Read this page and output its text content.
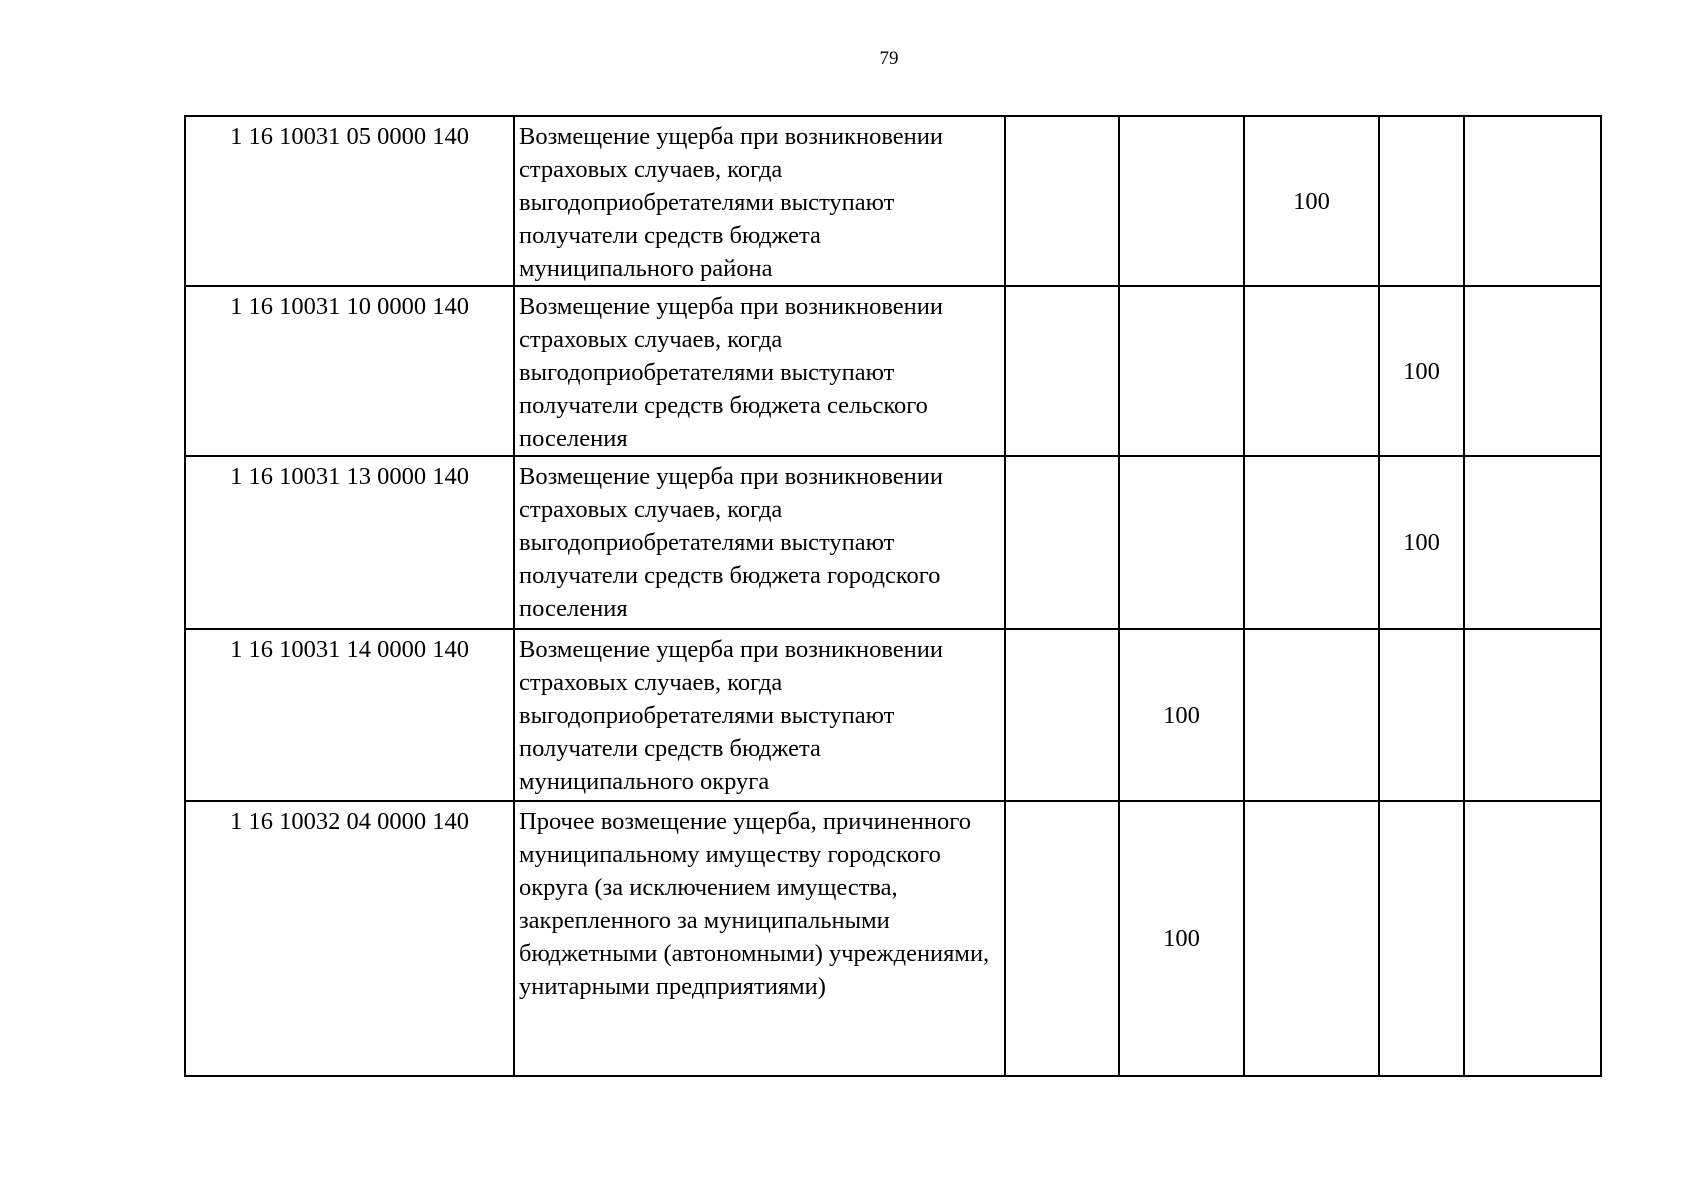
79
1 16 10031 05 0000 140	Возмещение ущерба при возникновении страховых случаев, когда выгодоприобретателями выступают получатели средств бюджета муниципального района			100		
1 16 10031 10 0000 140	Возмещение ущерба при возникновении страховых случаев, когда выгодоприобретателями выступают получатели средств бюджета сельского поселения				100	
1 16 10031 13 0000 140	Возмещение ущерба при возникновении страховых случаев, когда выгодоприобретателями выступают получатели средств бюджета городского поселения				100	
1 16 10031 14 0000 140	Возмещение ущерба при возникновении страховых случаев, когда выгодоприобретателями выступают получатели средств бюджета муниципального округа		100			
1 16 10032 04 0000 140	Прочее возмещение ущерба, причиненного муниципальному имуществу городского округа (за исключением имущества, закрепленного за муниципальными бюджетными (автономными) учреждениями, унитарными предприятиями)		100			
